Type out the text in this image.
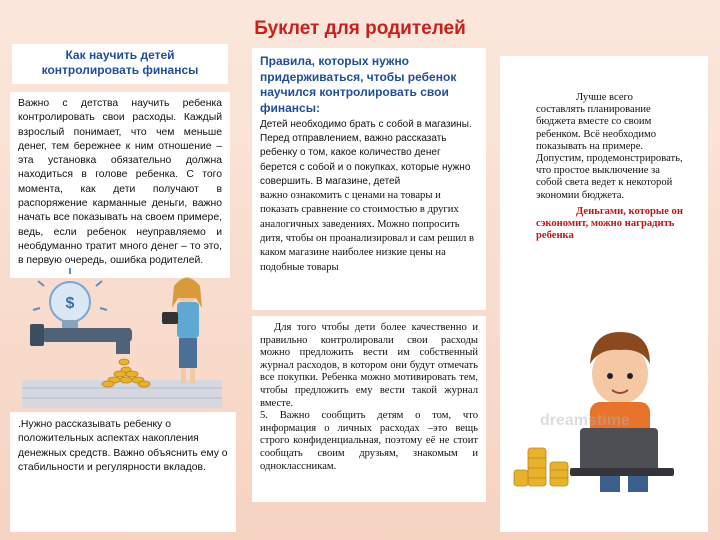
Буклет для родителей
Как научить детей контролировать финансы
Важно с детства научить ребенка контролировать свои расходы. Каждый взрослый понимает, что чем меньше денег, тем бережнее к ним отношение – эта установка обязательно должна находиться в голове ребенка. С того момента, как дети получают в распоряжение карманные деньги, важно начать все показывать на своем примере, ведь, если ребенок неуправляемо и необдуманно тратит много денег – то это, в первую очередь, ошибка родителей.
$
.Нужно рассказывать ребенку о положительных аспектах накопления денежных средств. Важно объяснить ему о стабильности и регулярности вкладов.
Правила, которых нужно придерживаться, чтобы ребенок научился контролировать свои финансы:
Детей необходимо брать с собой в магазины. Перед отправлением, важно рассказать ребенку о том, какое количество денег берется с собой и о покупках, которые нужно совершить. В магазине, детей
важно ознакомить с ценами на товары и показать сравнение со стоимостью в других аналогичных заведениях. Можно попросить дитя, чтобы он проанализировал и сам решил в каком магазине наиболее низкие цены на подобные товары

Для того чтобы дети более качественно и правильно контролировали свои расходы можно предложить вести им собственный журнал расходов, в котором они будут отмечать все покупки. Ребенка можно мотивировать тем, чтобы предложить ему вести такой журнал вместе.

5. Важно сообщить детям о том, что информация о личных расходах –это вещь строго конфиденциальная, поэтому её не стоит сообщать своим друзьям, знакомым и одноклассникам.

Лучше всего составлять планирование бюджета вместе со своим ребенком. Всё необходимо показывать на примере. Допустим, продемонстрировать, что простое выключение за собой света ведет к некоторой экономии бюджета.
Деньгами, которые он сэкономит, можно наградить ребенка
dreamstime
